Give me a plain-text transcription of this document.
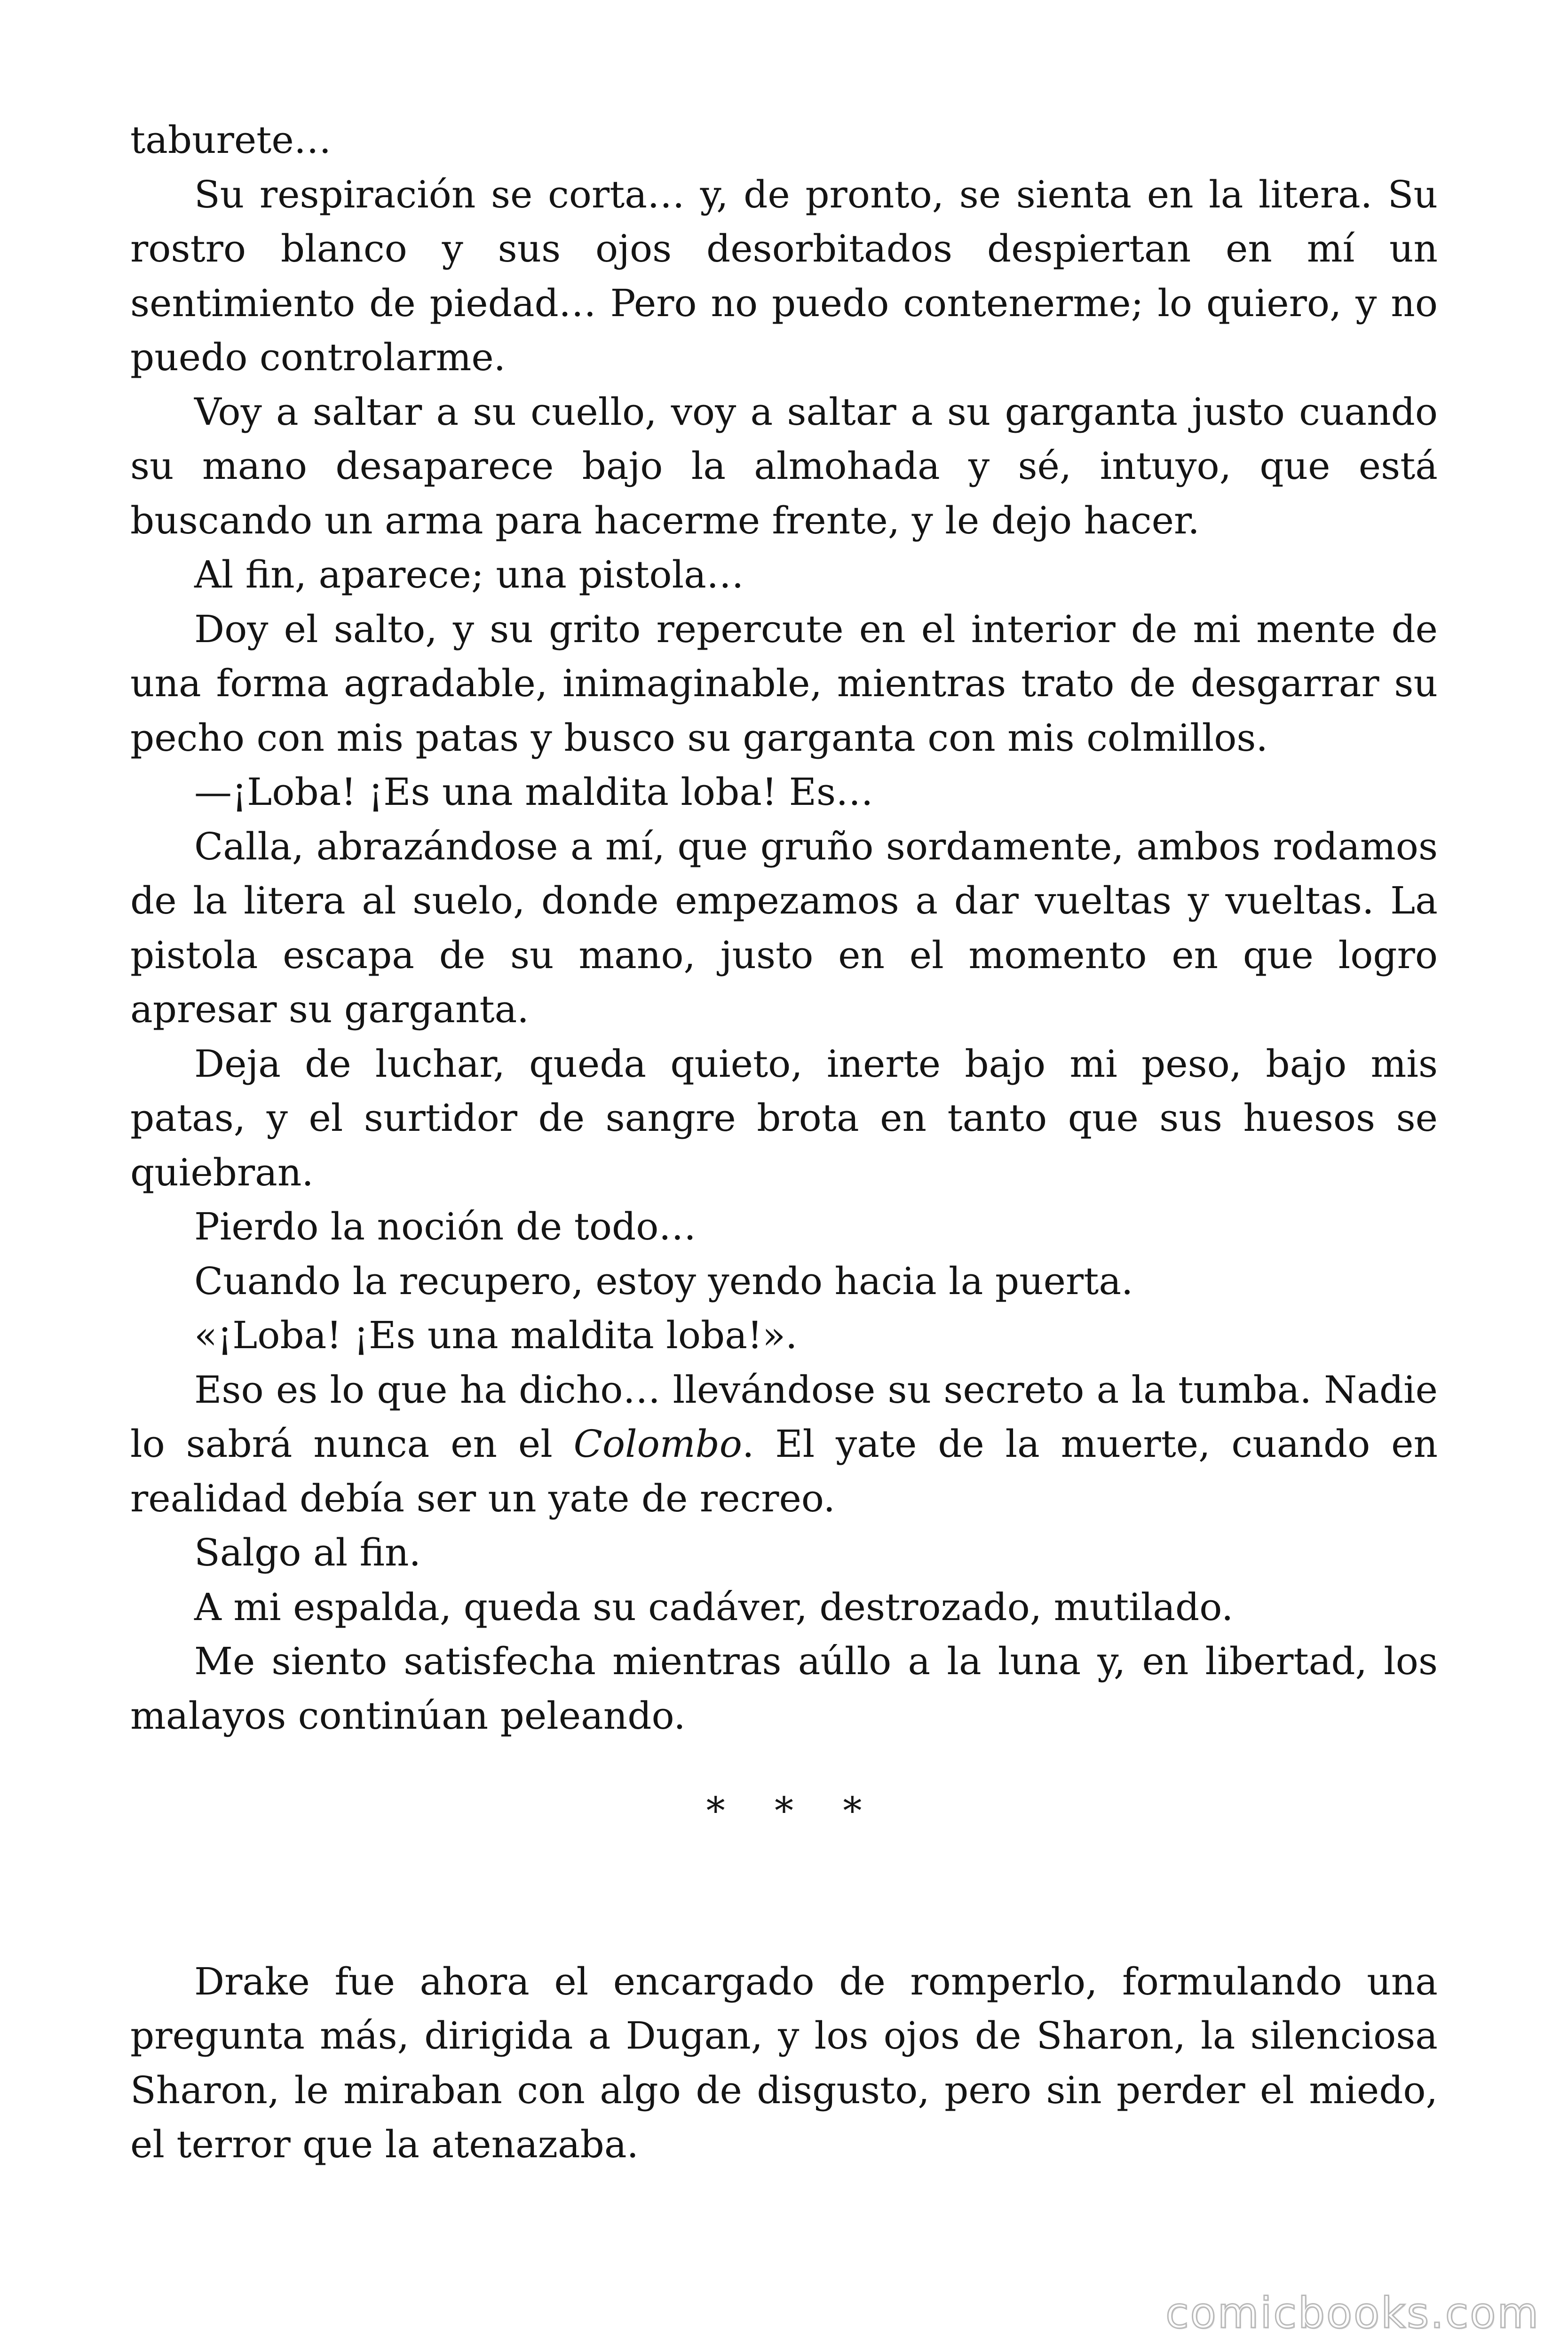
taburete…

Su respiración se corta… y, de pronto, se sienta en la litera. Su rostro blanco y sus ojos desorbitados despiertan en mí un sentimiento de piedad… Pero no puedo contenerme; lo quiero, y no puedo controlarme.

Voy a saltar a su cuello, voy a saltar a su garganta justo cuando su mano desaparece bajo la almohada y sé, intuyo, que está buscando un arma para hacerme frente, y le dejo hacer.

Al fin, aparece; una pistola…

Doy el salto, y su grito repercute en el interior de mi mente de una forma agradable, inimaginable, mientras trato de desgarrar su pecho con mis patas y busco su garganta con mis colmillos.

—¡Loba! ¡Es una maldita loba! Es…

Calla, abrazándose a mí, que gruño sordamente, ambos rodamos de la litera al suelo, donde empezamos a dar vueltas y vueltas. La pistola escapa de su mano, justo en el momento en que logro apresar su garganta.

Deja de luchar, queda quieto, inerte bajo mi peso, bajo mis patas, y el surtidor de sangre brota en tanto que sus huesos se quiebran.

Pierdo la noción de todo…

Cuando la recupero, estoy yendo hacia la puerta.

«¡Loba! ¡Es una maldita loba!».

Eso es lo que ha dicho… llevándose su secreto a la tumba. Nadie lo sabrá nunca en el Colombo. El yate de la muerte, cuando en realidad debía ser un yate de recreo.

Salgo al fin.

A mi espalda, queda su cadáver, destrozado, mutilado.

Me siento satisfecha mientras aúllo a la luna y, en libertad, los malayos continúan peleando.

* * *

Drake fue ahora el encargado de romperlo, formulando una pregunta más, dirigida a Dugan, y los ojos de Sharon, la silenciosa Sharon, le miraban con algo de disgusto, pero sin perder el miedo, el terror que la atenazaba.

comicbooks.com
